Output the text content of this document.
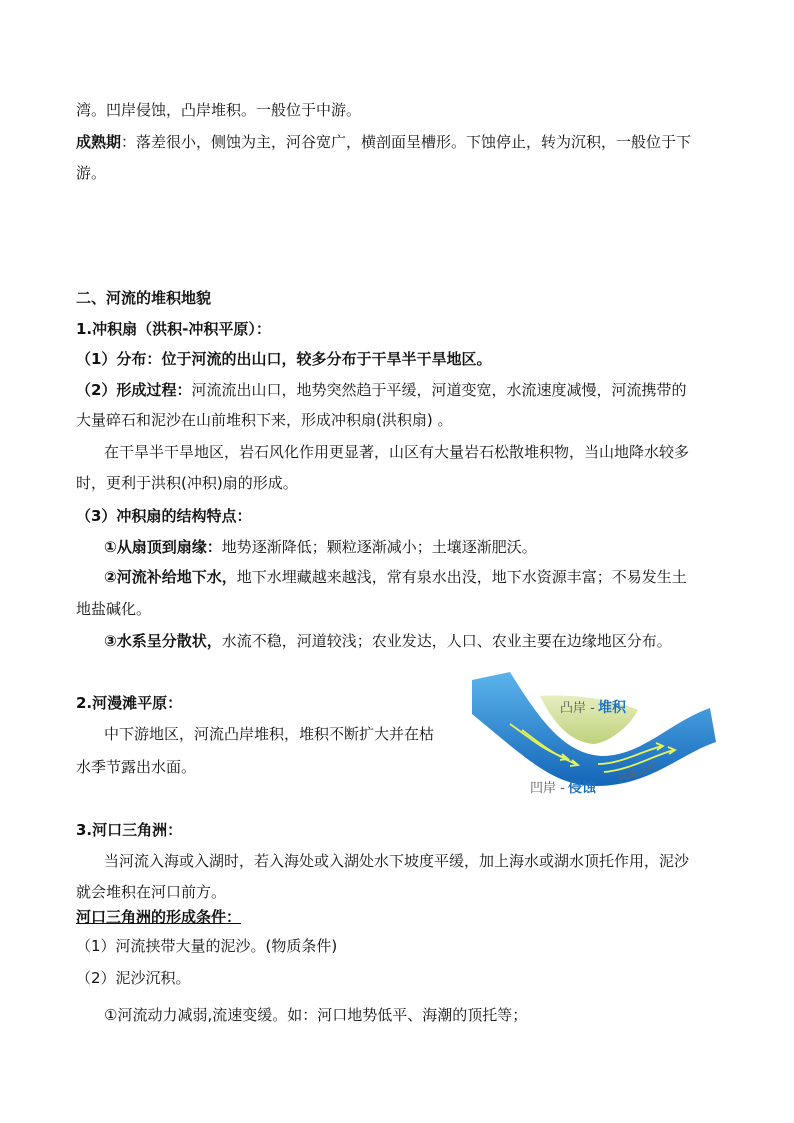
湾。凹岸侵蚀，凸岸堆积。一般位于中游。
成熟期：落差很小，侧蚀为主，河谷宽广，横剖面呈槽形。下蚀停止，转为沉积，一般位于下
游。
二、河流的堆积地貌
1.冲积扇（洪积-冲积平原）：
（1）分布：位于河流的出山口，较多分布于干旱半干旱地区。
（2）形成过程：河流流出山口，地势突然趋于平缓，河道变宽，水流速度减慢，河流携带的
大量碎石和泥沙在山前堆积下来，形成冲积扇(洪积扇) 。
在干旱半干旱地区，岩石风化作用更显著，山区有大量岩石松散堆积物，当山地降水较多
时，更利于洪积(冲积)扇的形成。
（3）冲积扇的结构特点：
①从扇顶到扇缘：地势逐渐降低；颗粒逐渐减小；土壤逐渐肥沃。
②河流补给地下水，地下水埋藏越来越浅，常有泉水出没，地下水资源丰富；不易发生土
地盐碱化。
③水系呈分散状，水流不稳，河道较浅；农业发达，人口、农业主要在边缘地区分布。
2.河漫滩平原：
中下游地区，河流凸岸堆积，堆积不断扩大并在枯
水季节露出水面。
凸岸 - 堆积
凹岸 - 侵蚀
河流流向
3.河口三角洲：
当河流入海或入湖时，若入海处或入湖处水下坡度平缓，加上海水或湖水顶托作用，泥沙
就会堆积在河口前方。
河口三角洲的形成条件：
（1）河流挟带大量的泥沙。(物质条件)
（2）泥沙沉积。
①河流动力减弱,流速变缓。如：河口地势低平、海潮的顶托等；
